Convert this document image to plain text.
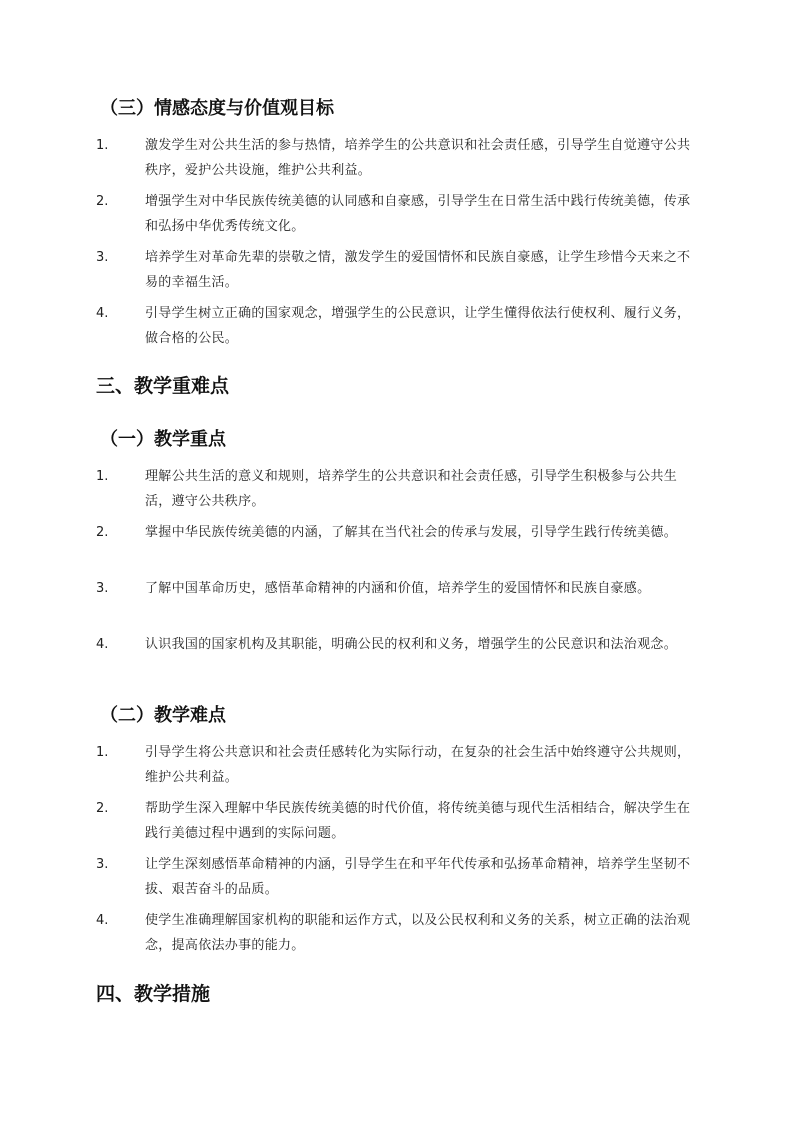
（三）情感态度与价值观目标
1.	激发学生对公共生活的参与热情，培养学生的公共意识和社会责任感，引导学生自觉遵守公共秩序，爱护公共设施，维护公共利益。
2.	增强学生对中华民族传统美德的认同感和自豪感，引导学生在日常生活中践行传统美德，传承和弘扬中华优秀传统文化。
3.	培养学生对革命先辈的崇敬之情，激发学生的爱国情怀和民族自豪感，让学生珍惜今天来之不易的幸福生活。
4.	引导学生树立正确的国家观念，增强学生的公民意识，让学生懂得依法行使权利、履行义务，做合格的公民。
三、教学重难点
（一）教学重点
1.	理解公共生活的意义和规则，培养学生的公共意识和社会责任感，引导学生积极参与公共生活，遵守公共秩序。
2.	掌握中华民族传统美德的内涵，了解其在当代社会的传承与发展，引导学生践行传统美德。
3.	了解中国革命历史，感悟革命精神的内涵和价值，培养学生的爱国情怀和民族自豪感。
4.	认识我国的国家机构及其职能，明确公民的权利和义务，增强学生的公民意识和法治观念。
（二）教学难点
1.	引导学生将公共意识和社会责任感转化为实际行动，在复杂的社会生活中始终遵守公共规则，维护公共利益。
2.	帮助学生深入理解中华民族传统美德的时代价值，将传统美德与现代生活相结合，解决学生在践行美德过程中遇到的实际问题。
3.	让学生深刻感悟革命精神的内涵，引导学生在和平年代传承和弘扬革命精神，培养学生坚韧不拔、艰苦奋斗的品质。
4.	使学生准确理解国家机构的职能和运作方式，以及公民权利和义务的关系，树立正确的法治观念，提高依法办事的能力。
四、教学措施
